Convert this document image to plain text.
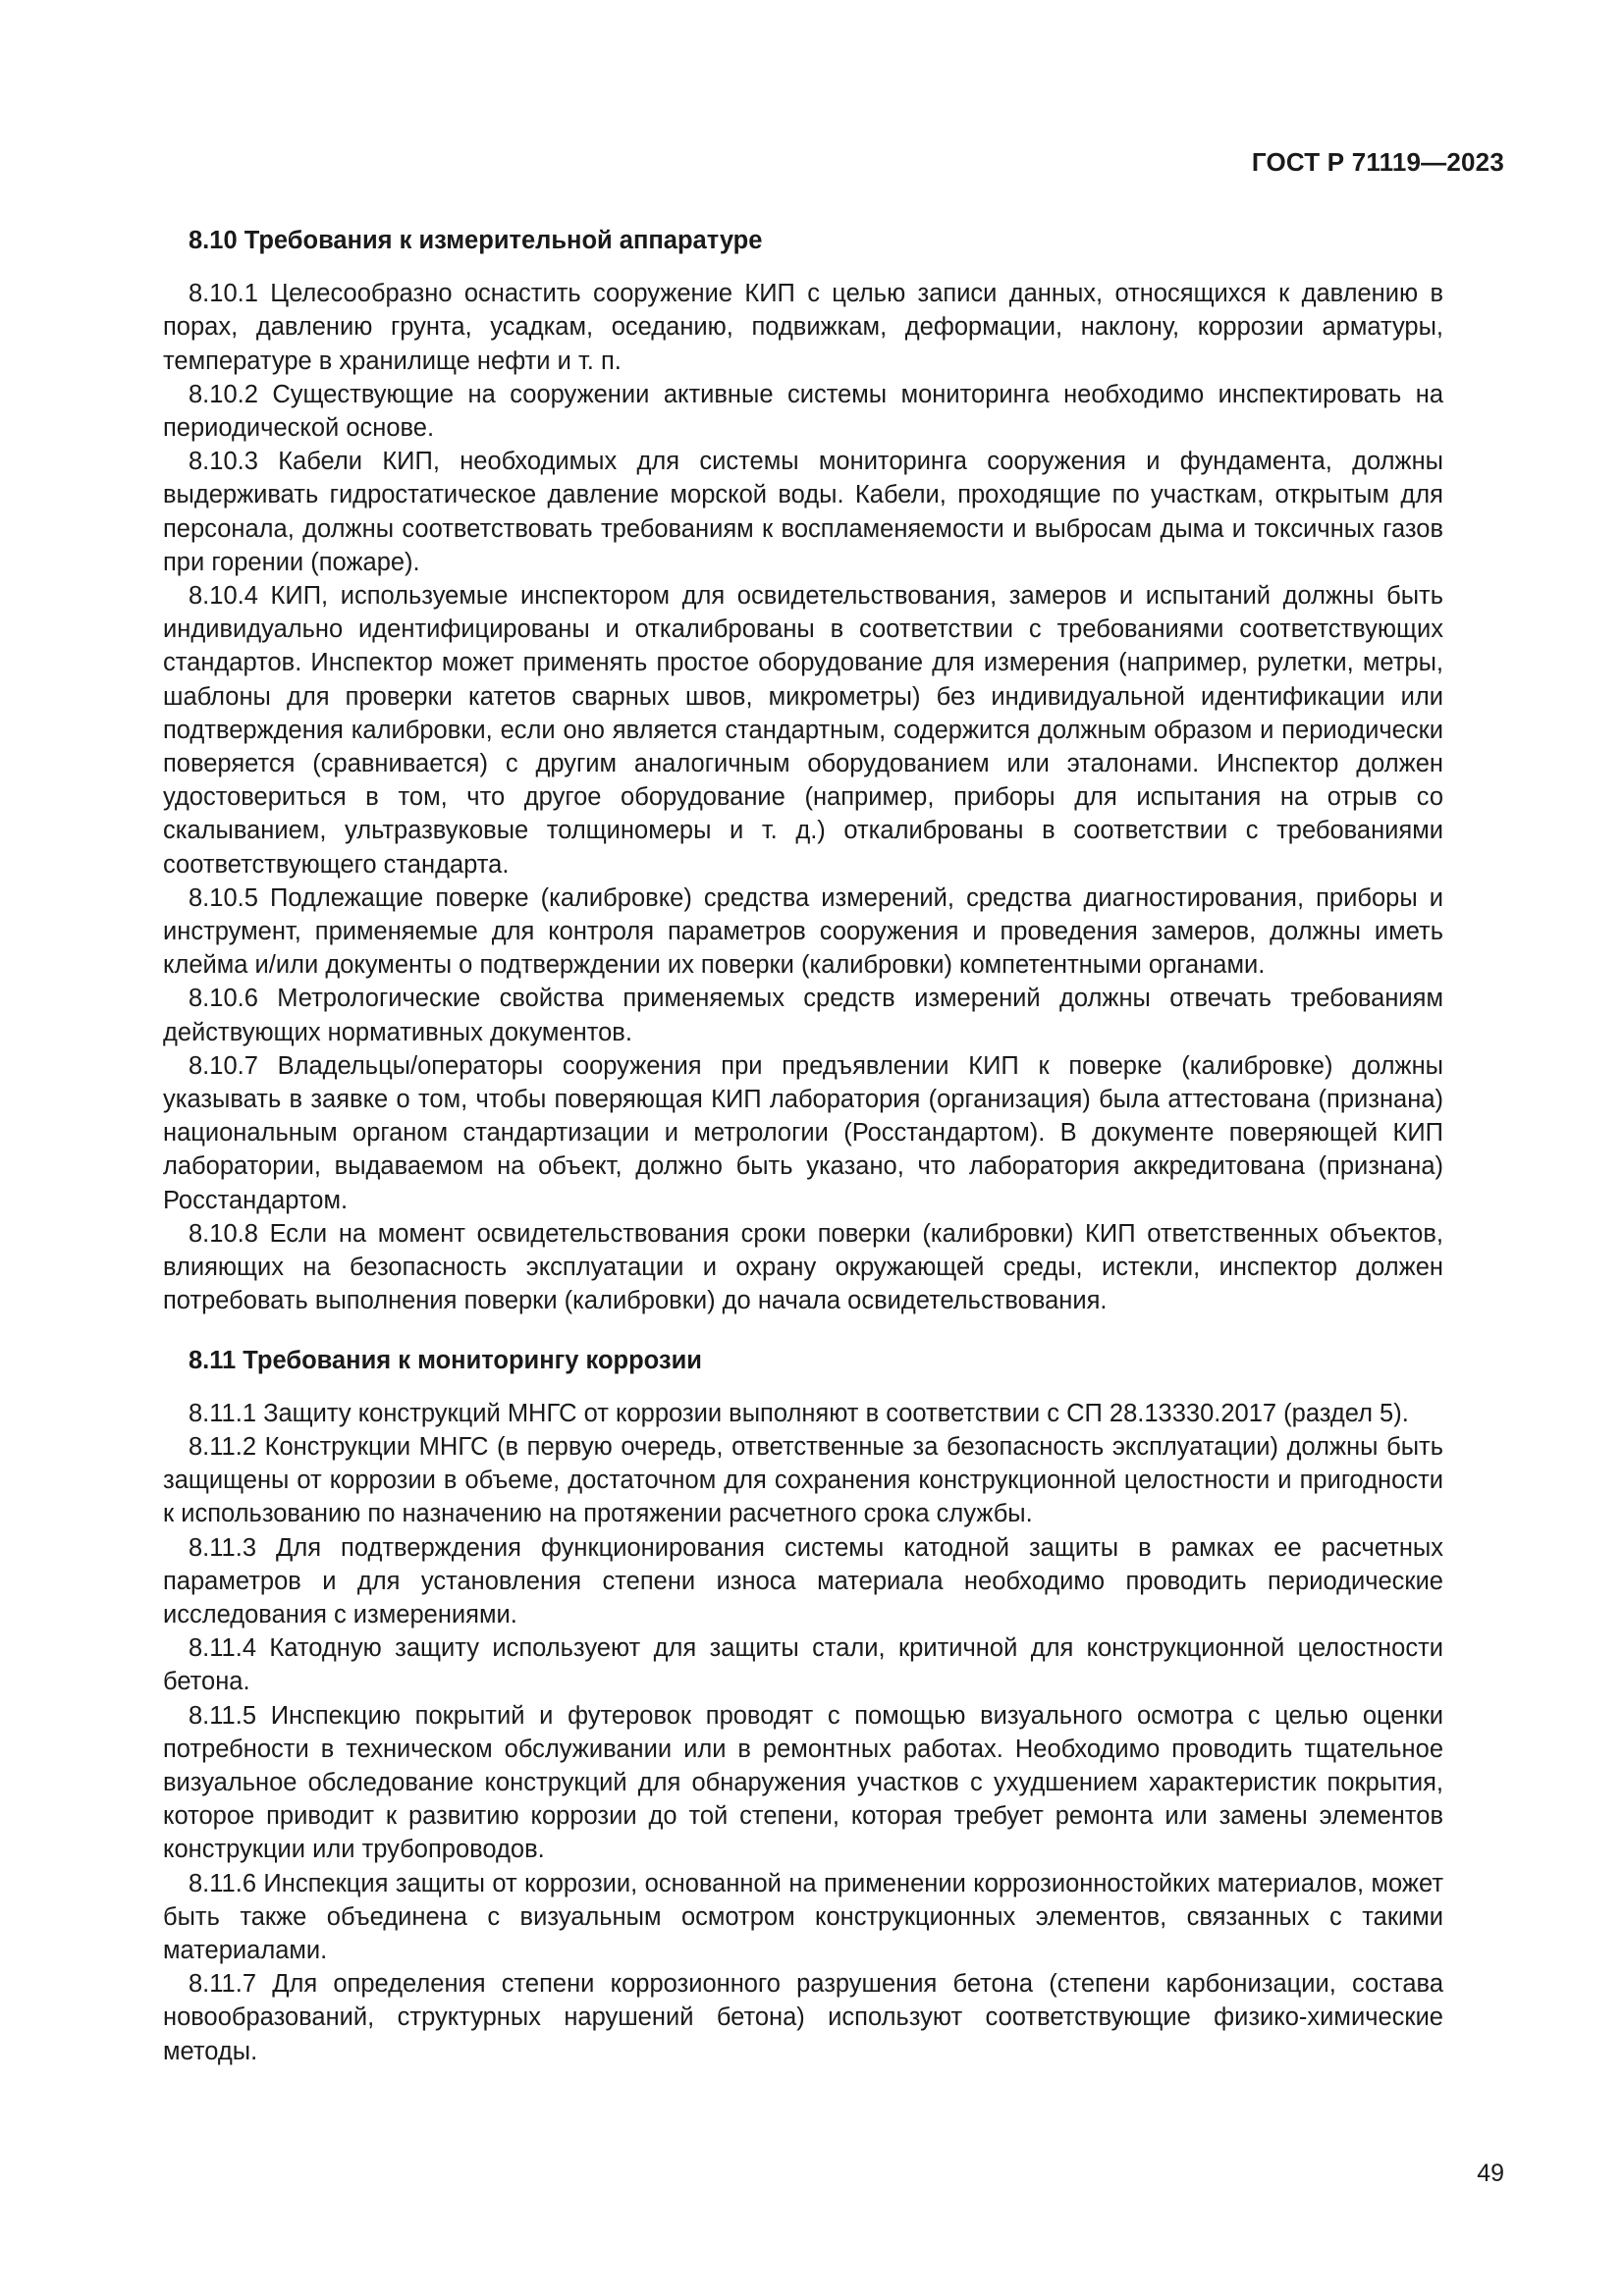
ГОСТ Р 71119—2023
8.10 Требования к измерительной аппаратуре

8.10.1 Целесообразно оснастить сооружение КИП с целью записи данных, относящихся к давлению в порах, давлению грунта, усадкам, оседанию, подвижкам, деформации, наклону, коррозии арматуры, температуре в хранилище нефти и т. п.

8.10.2 Существующие на сооружении активные системы мониторинга необходимо инспектировать на периодической основе.

8.10.3 Кабели КИП, необходимых для системы мониторинга сооружения и фундамента, должны выдерживать гидростатическое давление морской воды. Кабели, проходящие по участкам, открытым для персонала, должны соответствовать требованиям к воспламеняемости и выбросам дыма и токсичных газов при горении (пожаре).

8.10.4 КИП, используемые инспектором для освидетельствования, замеров и испытаний должны быть индивидуально идентифицированы и откалиброваны в соответствии с требованиями соответствующих стандартов. Инспектор может применять простое оборудование для измерения (например, рулетки, метры, шаблоны для проверки катетов сварных швов, микрометры) без индивидуальной идентификации или подтверждения калибровки, если оно является стандартным, содержится должным образом и периодически поверяется (сравнивается) с другим аналогичным оборудованием или эталонами. Инспектор должен удостовериться в том, что другое оборудование (например, приборы для испытания на отрыв со скалыванием, ультразвуковые толщиномеры и т. д.) откалиброваны в соответствии с требованиями соответствующего стандарта.

8.10.5 Подлежащие поверке (калибровке) средства измерений, средства диагностирования, приборы и инструмент, применяемые для контроля параметров сооружения и проведения замеров, должны иметь клейма и/или документы о подтверждении их поверки (калибровки) компетентными органами.

8.10.6 Метрологические свойства применяемых средств измерений должны отвечать требованиям действующих нормативных документов.

8.10.7 Владельцы/операторы сооружения при предъявлении КИП к поверке (калибровке) должны указывать в заявке о том, чтобы поверяющая КИП лаборатория (организация) была аттестована (признана) национальным органом стандартизации и метрологии (Росстандартом). В документе поверяющей КИП лаборатории, выдаваемом на объект, должно быть указано, что лаборатория аккредитована (признана) Росстандартом.

8.10.8 Если на момент освидетельствования сроки поверки (калибровки) КИП ответственных объектов, влияющих на безопасность эксплуатации и охрану окружающей среды, истекли, инспектор должен потребовать выполнения поверки (калибровки) до начала освидетельствования.

8.11 Требования к мониторингу коррозии

8.11.1 Защиту конструкций МНГС от коррозии выполняют в соответствии с СП 28.13330.2017 (раздел 5).

8.11.2 Конструкции МНГС (в первую очередь, ответственные за безопасность эксплуатации) должны быть защищены от коррозии в объеме, достаточном для сохранения конструкционной целостности и пригодности к использованию по назначению на протяжении расчетного срока службы.

8.11.3 Для подтверждения функционирования системы катодной защиты в рамках ее расчетных параметров и для установления степени износа материала необходимо проводить периодические исследования с измерениями.

8.11.4 Катодную защиту используеют для защиты стали, критичной для конструкционной целостности бетона.

8.11.5 Инспекцию покрытий и футеровок проводят с помощью визуального осмотра с целью оценки потребности в техническом обслуживании или в ремонтных работах. Необходимо проводить тщательное визуальное обследование конструкций для обнаружения участков с ухудшением характеристик покрытия, которое приводит к развитию коррозии до той степени, которая требует ремонта или замены элементов конструкции или трубопроводов.

8.11.6 Инспекция защиты от коррозии, основанной на применении коррозионностойких материалов, может быть также объединена с визуальным осмотром конструкционных элементов, связанных с такими материалами.

8.11.7 Для определения степени коррозионного разрушения бетона (степени карбонизации, состава новообразований, структурных нарушений бетона) используют соответствующие физико-химические методы.

49
